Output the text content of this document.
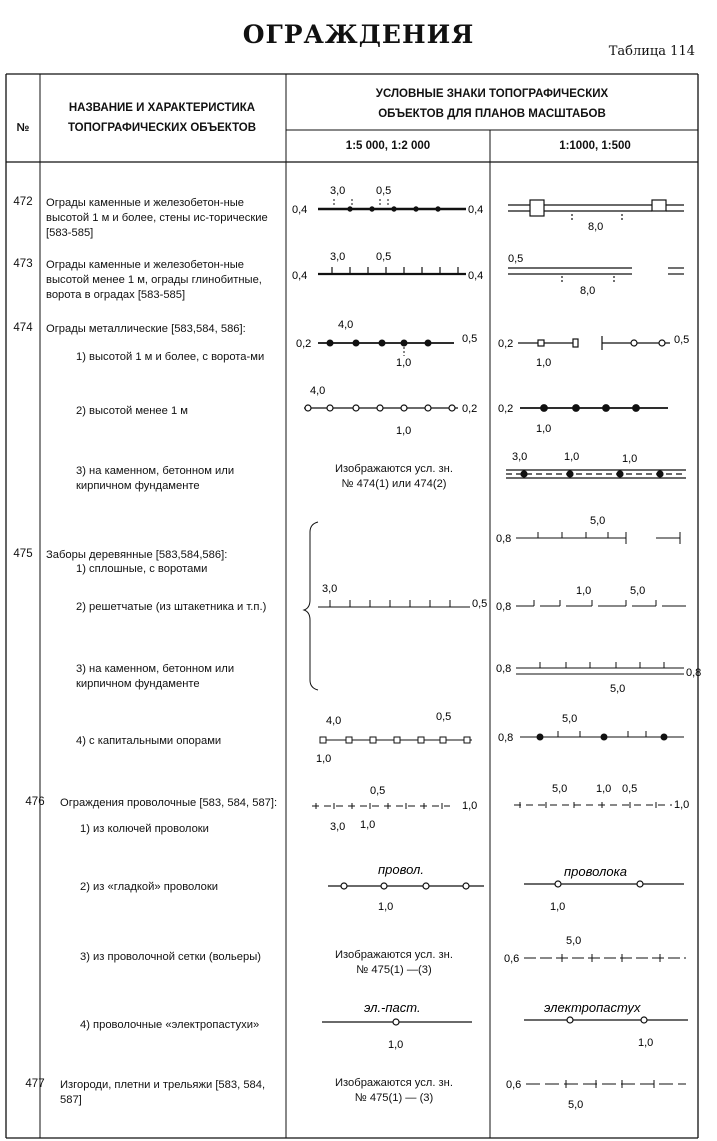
ОГРАЖДЕНИЯ
Таблица 114
№
НАЗВАНИЕ И ХАРАКТЕРИСТИКА
ТОПОГРАФИЧЕСКИХ ОБЪЕКТОВ
УСЛОВНЫЕ ЗНАКИ ТОПОГРАФИЧЕСКИХ
ОБЪЕКТОВ ДЛЯ ПЛАНОВ МАСШТАБОВ
1:5 000, 1:2 000	1:1000, 1:500
472	Ограды каменные и железобетон-ные высотой 1 м и более, стены ис-торические [583-585]
473	Ограды каменные и железобетон-ные высотой менее 1 м, ограды глинобитные, ворота в оградах [583-585]
474	Ограды металлические [583,584, 586]:
1) высотой 1 м и более, с ворота-ми
2) высотой менее 1 м
3) на каменном, бетонном или кирпичном фундаменте
Изображаются усл. зн.
№ 474(1) или 474(2)
475	Заборы деревянные [583,584,586]:
1) сплошные, с воротами
2) решетчатые (из штакетника и т.п.)
3) на каменном, бетонном или кирпичном фундаменте
4) с капитальными опорами
476	Ограждения проволочные [583, 584, 587]:
1) из колючей проволоки
2) из «гладкой» проволоки
3) из проволочной сетки (вольеры)
4) проволочные «электропастухи»
Изображаются усл. зн.
№ 475(1) —(3)
477	Изгороди, плетни и трельяжи [583, 584, 587]
Изображаются усл. зн.
№ 475(1) — (3)
0,4
3,0	0,5
0,4
8,0
0,4
3,0	0,5
0,4
0,5
8,0
0,2
4,0
0,5
1,0
0,2
1,0
0,5
4,0
0,2
1,0
0,2
1,0
3,0	1,0	1,0
3,0
0,5
0,8
5,0
0,8
1,0	5,0
0,8	0,8
5,0
4,0	0,5
1,0
0,8
5,0
0,5
1,0
3,0 1,0
5,0	1,0 0,5
1,0
провол.
1,0
проволока
1,0
0,6
5,0
эл.-паст.
1,0
электропастух
1,0
0,6
5,0
